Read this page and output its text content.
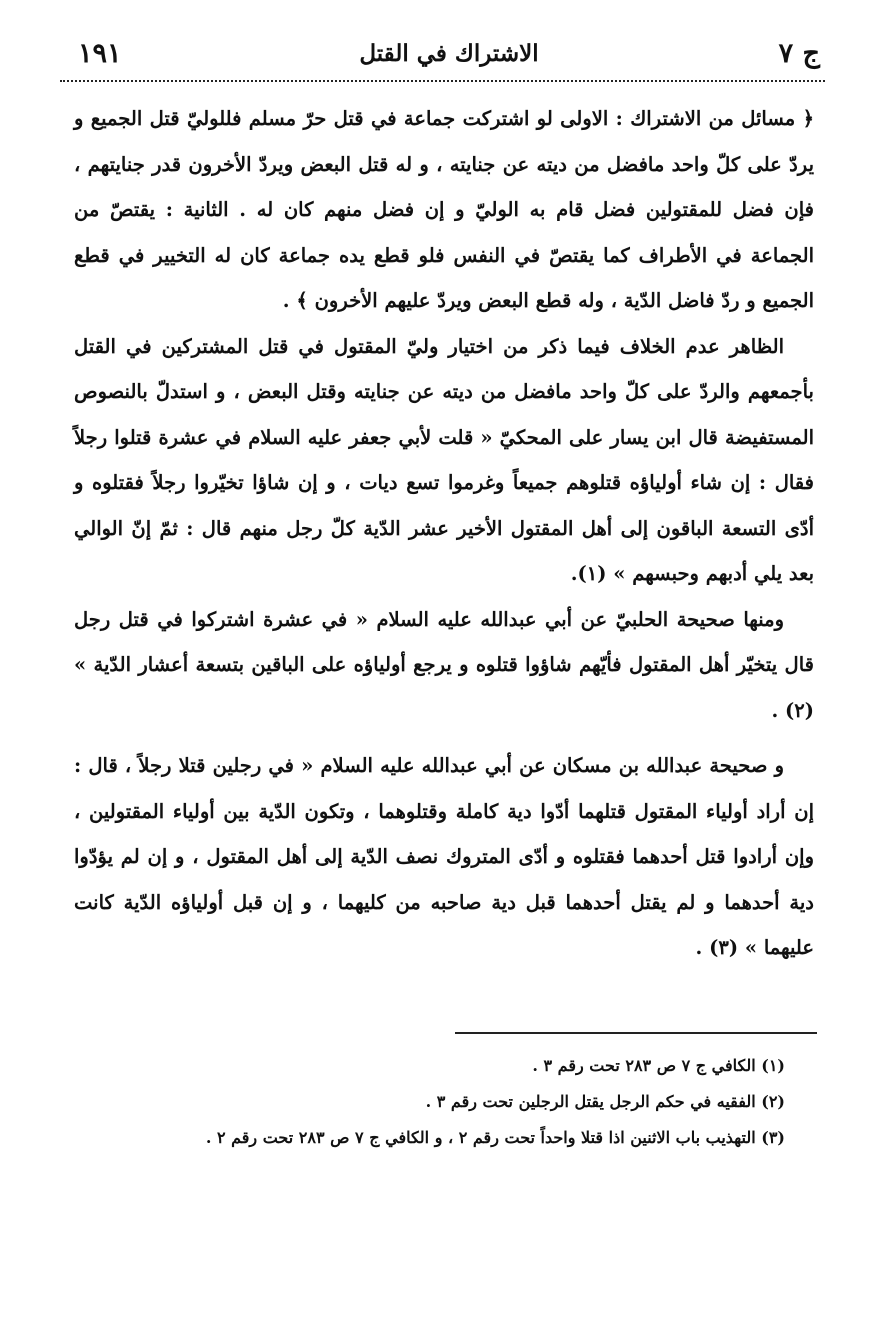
ج ٧
الاشتراك في القتل
١٩١

﴿ مسائل من الاشتراك : الاولى لو اشتركت جماعة في قتل حرّ مسلم فللوليّ قتل الجميع و يردّ على كلّ واحد مافضل من ديته عن جنايته ، و له قتل البعض ويردّ الأخرون قدر جنايتهم ، فإن فضل للمقتولين فضل قام به الوليّ و إن فضل منهم كان له . الثانية : يقتصّ من الجماعة في الأطراف كما يقتصّ في النفس فلو قطع يده جماعة كان له التخيير في قطع الجميع و ردّ فاضل الدّية ، وله قطع البعض ويردّ عليهم الأخرون ﴾ .

الظاهر عدم الخلاف فيما ذكر من اختيار وليّ المقتول في قتل المشتركين في القتل بأجمعهم والردّ على كلّ واحد مافضل من ديته عن جنايته وقتل البعض ، و استدلّ بالنصوص المستفيضة قال ابن يسار على المحكيّ « قلت لأبي جعفر عليه السلام في عشرة قتلوا رجلاً فقال : إن شاء أولياؤه قتلوهم جميعاً وغرموا تسع ديات ، و إن شاؤا تخيّروا رجلاً فقتلوه و أدّى التسعة الباقون إلى أهل المقتول الأخير عشر الدّية كلّ رجل منهم قال : ثمّ إنّ الوالي بعد يلي أدبهم وحبسهم » (١).

ومنها صحيحة الحلبيّ عن أبي عبدالله عليه السلام « في عشرة اشتركوا في قتل رجل قال يتخيّر أهل المقتول فأيّهم شاؤوا قتلوه و يرجع أولياؤه على الباقين بتسعة أعشار الدّية » (٢) .

و صحيحة عبدالله بن مسكان عن أبي عبدالله عليه السلام « في رجلين قتلا رجلاً ، قال : إن أراد أولياء المقتول قتلهما أدّوا دية كاملة وقتلوهما ، وتكون الدّية بين أولياء المقتولين ، وإن أرادوا قتل أحدهما فقتلوه و أدّى المتروك نصف الدّية إلى أهل المقتول ، و إن لم يؤدّوا دية أحدهما و لم يقتل أحدهما قبل دية صاحبه من كليهما ، و إن قبل أولياؤه الدّية كانت عليهما » (٣) .

(١) الكافي ج ٧ ص ٢٨٣ تحت رقم ٣ .

(٢) الفقيه في حكم الرجل يقتل الرجلين تحت رقم ٣ .

(٣) التهذيب باب الاثنين اذا قتلا واحداً تحت رقم ٢ ، و الكافي ج ٧ ص ٢٨٣ تحت رقم ٢ .
